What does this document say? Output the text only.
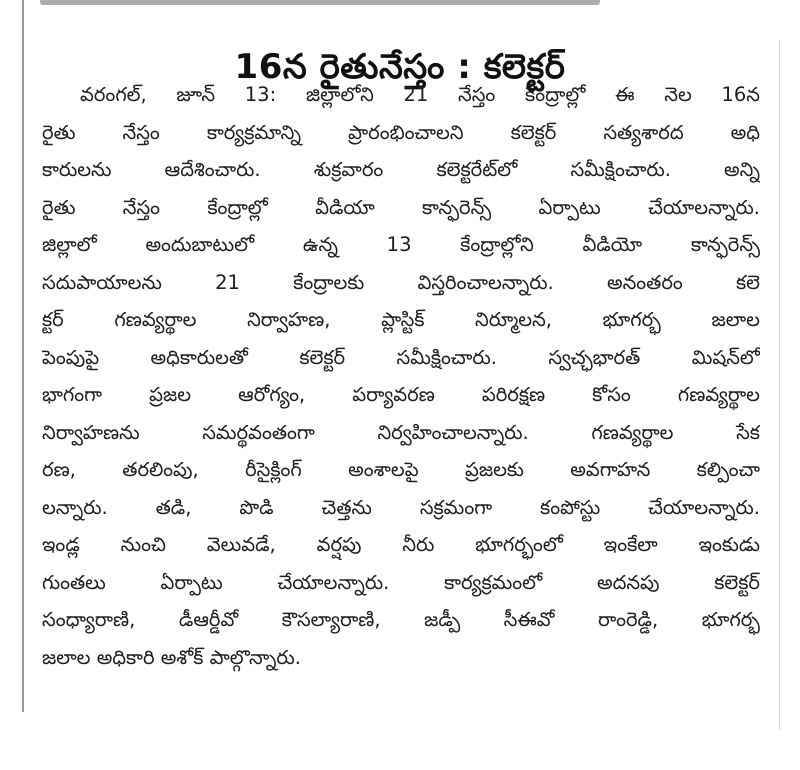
16న రైతునేస్తం : కలెక్టర్
వరంగల్, జూన్ 13: జిల్లాలోని 21 నేస్తం కేంద్రాల్లో ఈ నెల 16న
రైతు నేస్తం కార్యక్రమాన్ని ప్రారంభించాలని కలెక్టర్ సత్యశారద అధి
కారులను ఆదేశించారు. శుక్రవారం కలెక్టరేట్‌లో సమీక్షించారు. అన్ని
రైతు నేస్తం కేంద్రాల్లో వీడియా కాన్ఫరెన్స్ ఏర్పాటు చేయాలన్నారు.
జిల్లాలో అందుబాటులో ఉన్న 13 కేంద్రాల్లోని వీడియో కాన్ఫరెన్స్
సదుపాయాలను 21 కేంద్రాలకు విస్తరించాలన్నారు. అనంతరం కలె
క్టర్ గణవ్యర్థాల నిర్వాహణ, ప్లాస్టిక్ నిర్మూలన, భూగర్భ జలాల
పెంపుపై అధికారులతో కలెక్టర్ సమీక్షించారు. స్వచ్ఛభారత్ మిషన్‌లో
భాగంగా ప్రజల ఆరోగ్యం, పర్యావరణ పరిరక్షణ కోసం గణవ్యర్థాల
నిర్వాహణను సమర్థవంతంగా నిర్వహించాలన్నారు. గణవ్యర్థాల సేక
రణ, తరలింపు, రీసైక్లింగ్ అంశాలపై ప్రజలకు అవగాహన కల్పించా
లన్నారు. తడి, పొడి చెత్తను సక్రమంగా కంపోస్టు చేయాలన్నారు.
ఇండ్ల నుంచి వెలువడే, వర్షపు నీరు భూగర్భంలో ఇంకేలా ఇంకుడు
గుంతలు ఏర్పాటు చేయాలన్నారు. కార్యక్రమంలో అదనపు కలెక్టర్
సంధ్యారాణి, డీఆర్డీవో కౌసల్యారాణి, జడ్పీ సీఈవో రాంరెడ్డి, భూగర్భ
జలాల అధికారి అశోక్ పాల్గొన్నారు.
